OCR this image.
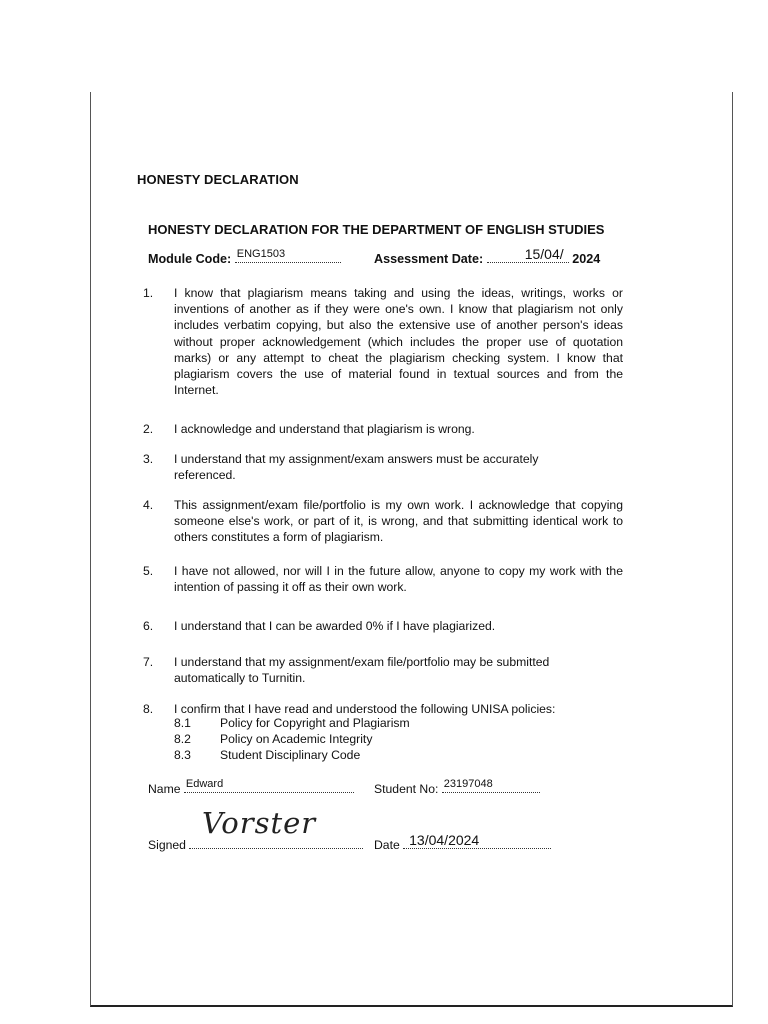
HONESTY DECLARATION
HONESTY DECLARATION FOR THE DEPARTMENT OF ENGLISH STUDIES
Module Code: ENG1503	Assessment Date:	15/04/ 2024
1. I know that plagiarism means taking and using the ideas, writings, works or inventions of another as if they were one's own. I know that plagiarism not only includes verbatim copying, but also the extensive use of another person's ideas without proper acknowledgement (which includes the proper use of quotation marks) or any attempt to cheat the plagiarism checking system. I know that plagiarism covers the use of material found in textual sources and from the Internet.
2. I acknowledge and understand that plagiarism is wrong.
3. I understand that my assignment/exam answers must be accurately referenced.
4. This assignment/exam file/portfolio is my own work. I acknowledge that copying someone else's work, or part of it, is wrong, and that submitting identical work to others constitutes a form of plagiarism.
5. I have not allowed, nor will I in the future allow, anyone to copy my work with the intention of passing it off as their own work.
6. I understand that I can be awarded 0% if I have plagiarized.
7. I understand that my assignment/exam file/portfolio may be submitted automatically to Turnitin.
8. I confirm that I have read and understood the following UNISA policies:
8.1 Policy for Copyright and Plagiarism
8.2 Policy on Academic Integrity
8.3 Student Disciplinary Code
Name Edward	Student No: 23197048
Vorster
Signed	Date 13/04/2024
